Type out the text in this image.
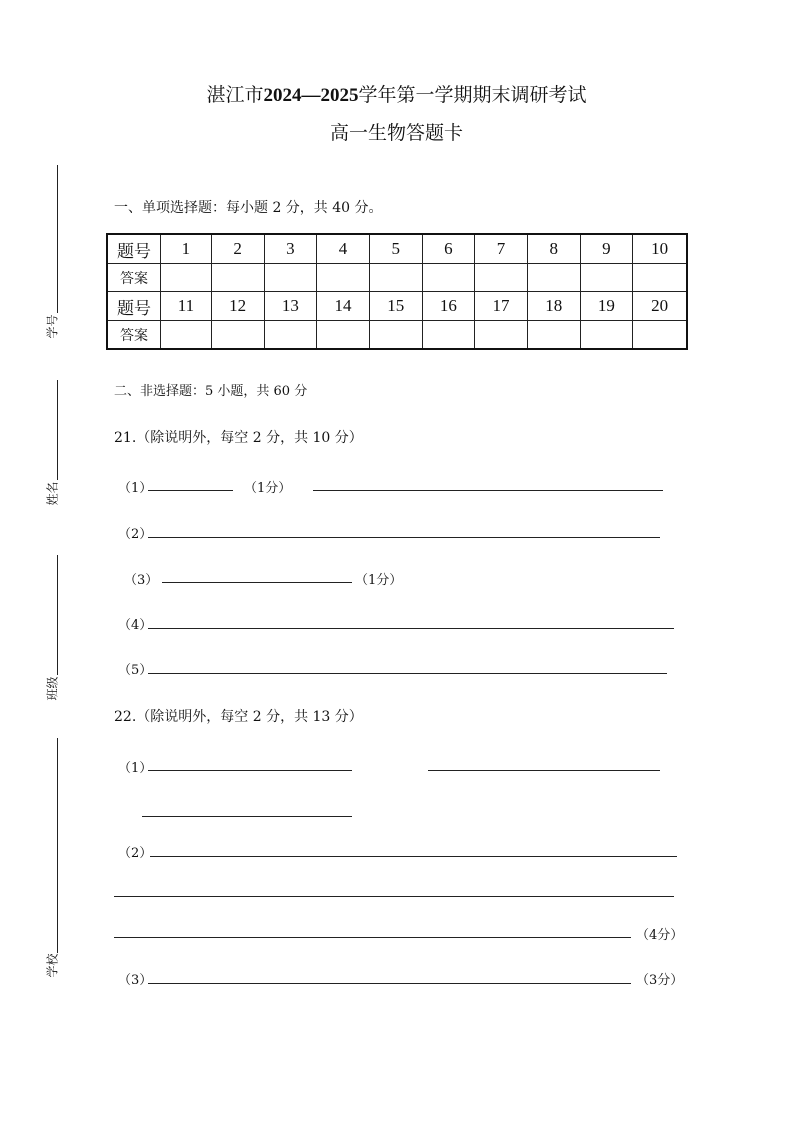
学号
姓名
班级
学校
湛江市2024—2025学年第一学期期末调研考试
高一生物答题卡
一、单项选择题：每小题 2 分，共 40 分。
题号	1	2	3	4	5	6	7	8	9	10
答案										
题号	11	12	13	14	15	16	17	18	19	20
答案										
二、非选择题：5 小题，共 60 分
21.（除说明外，每空 2 分，共 10 分）
（1）	（1分）
（2）
（3）	（1分）
（4）
（5）
22.（除说明外，每空 2 分，共 13 分）
（1）
（2）
（4分）
（3）	（3分）
